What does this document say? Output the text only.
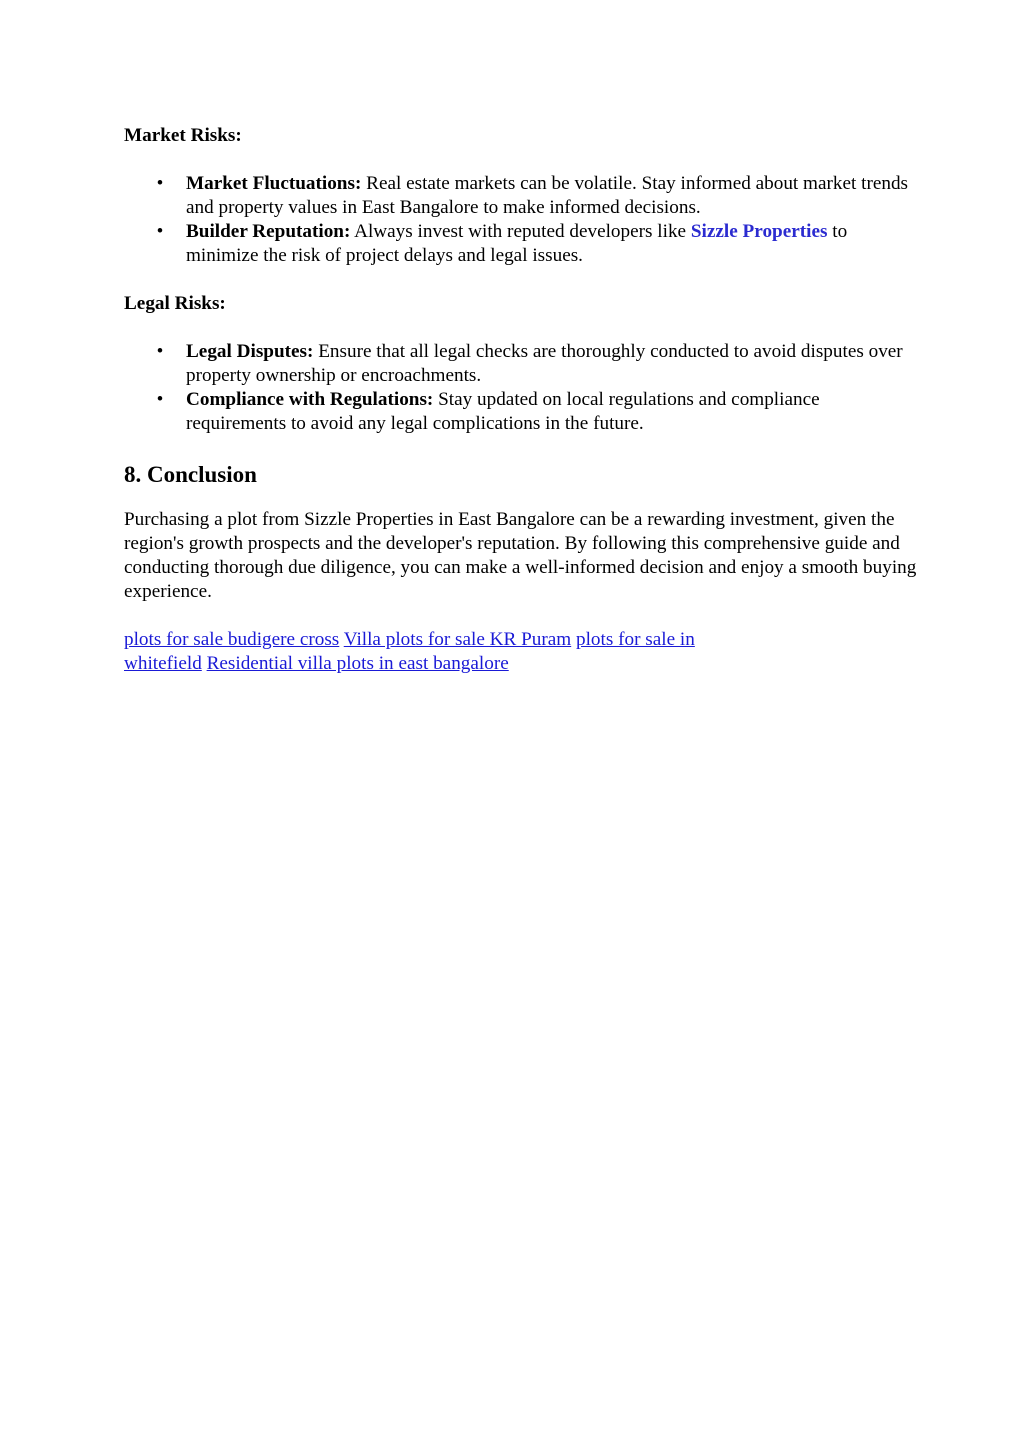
Market Risks:

• Market Fluctuations: Real estate markets can be volatile. Stay informed about market trends and property values in East Bangalore to make informed decisions.
• Builder Reputation: Always invest with reputed developers like Sizzle Properties to minimize the risk of project delays and legal issues.

Legal Risks:

• Legal Disputes: Ensure that all legal checks are thoroughly conducted to avoid disputes over property ownership or encroachments.
• Compliance with Regulations: Stay updated on local regulations and compliance requirements to avoid any legal complications in the future.
8. Conclusion

Purchasing a plot from Sizzle Properties in East Bangalore can be a rewarding investment, given the region's growth prospects and the developer's reputation. By following this comprehensive guide and conducting thorough due diligence, you can make a well-informed decision and enjoy a smooth buying experience.

plots for sale budigere cross Villa plots for sale KR Puram plots for sale in whitefield Residential villa plots in east bangalore
